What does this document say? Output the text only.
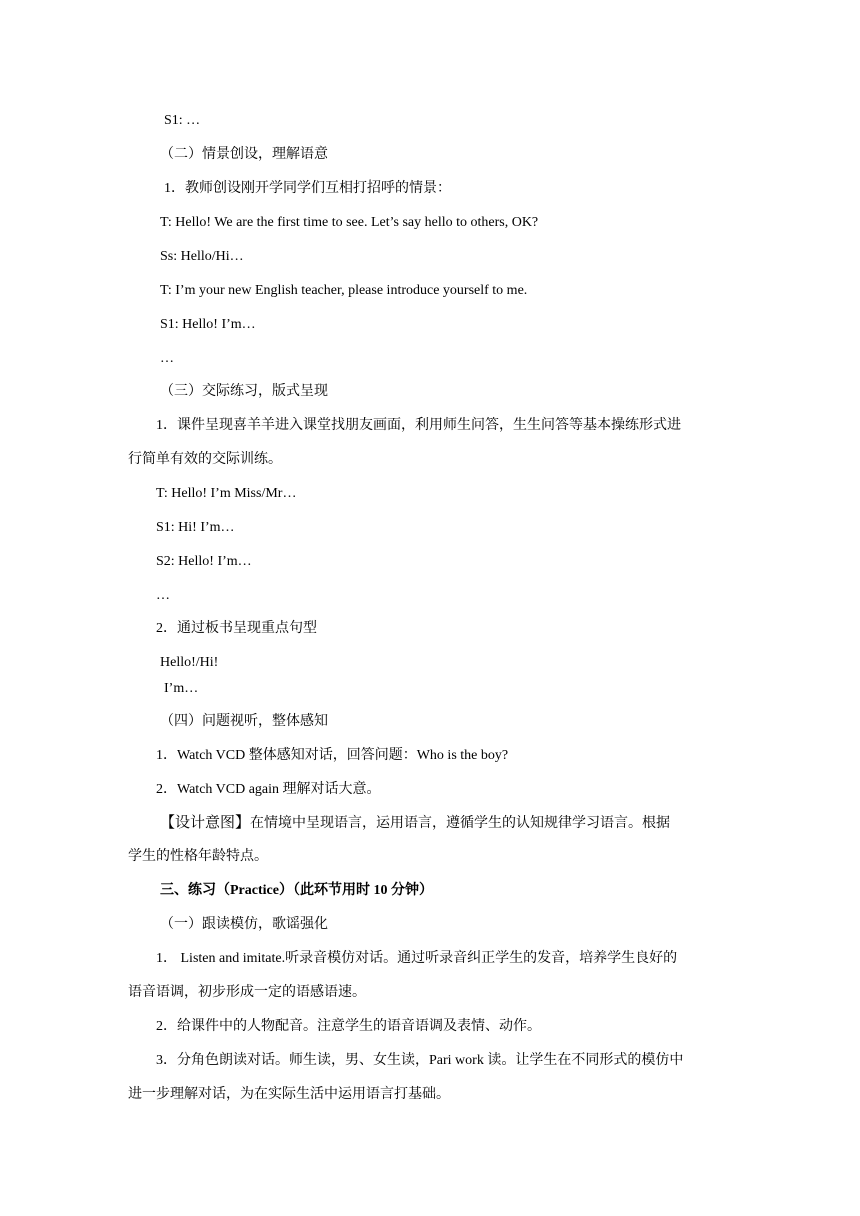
S1: …
（二）情景创设，理解语意
1．教师创设刚开学同学们互相打招呼的情景：
T: Hello! We are the first time to see. Let’s say hello to others, OK?
Ss: Hello/Hi…
T: I’m your new English teacher, please introduce yourself to me.
S1: Hello! I’m…
…
（三）交际练习，版式呈现
1．课件呈现喜羊羊进入课堂找朋友画面，利用师生问答，生生问答等基本操练形式进
行简单有效的交际训练。
T: Hello! I’m Miss/Mr…
S1: Hi! I’m…
S2: Hello! I’m…
…
2．通过板书呈现重点句型
Hello!/Hi!
I’m…
（四）问题视听，整体感知
1．Watch VCD 整体感知对话，回答问题：Who is the boy?
2．Watch VCD again 理解对话大意。
【设计意图】在情境中呈现语言，运用语言，遵循学生的认知规律学习语言。根据
学生的性格年龄特点。
三、练习（Practice）（此环节用时 10 分钟）
（一）跟读模仿，歌谣强化
1． Listen and imitate.听录音模仿对话。通过听录音纠正学生的发音，培养学生良好的
语音语调，初步形成一定的语感语速。
2．给课件中的人物配音。注意学生的语音语调及表情、动作。
3．分角色朗读对话。师生读，男、女生读，Pari work 读。让学生在不同形式的模仿中
进一步理解对话，为在实际生活中运用语言打基础。
